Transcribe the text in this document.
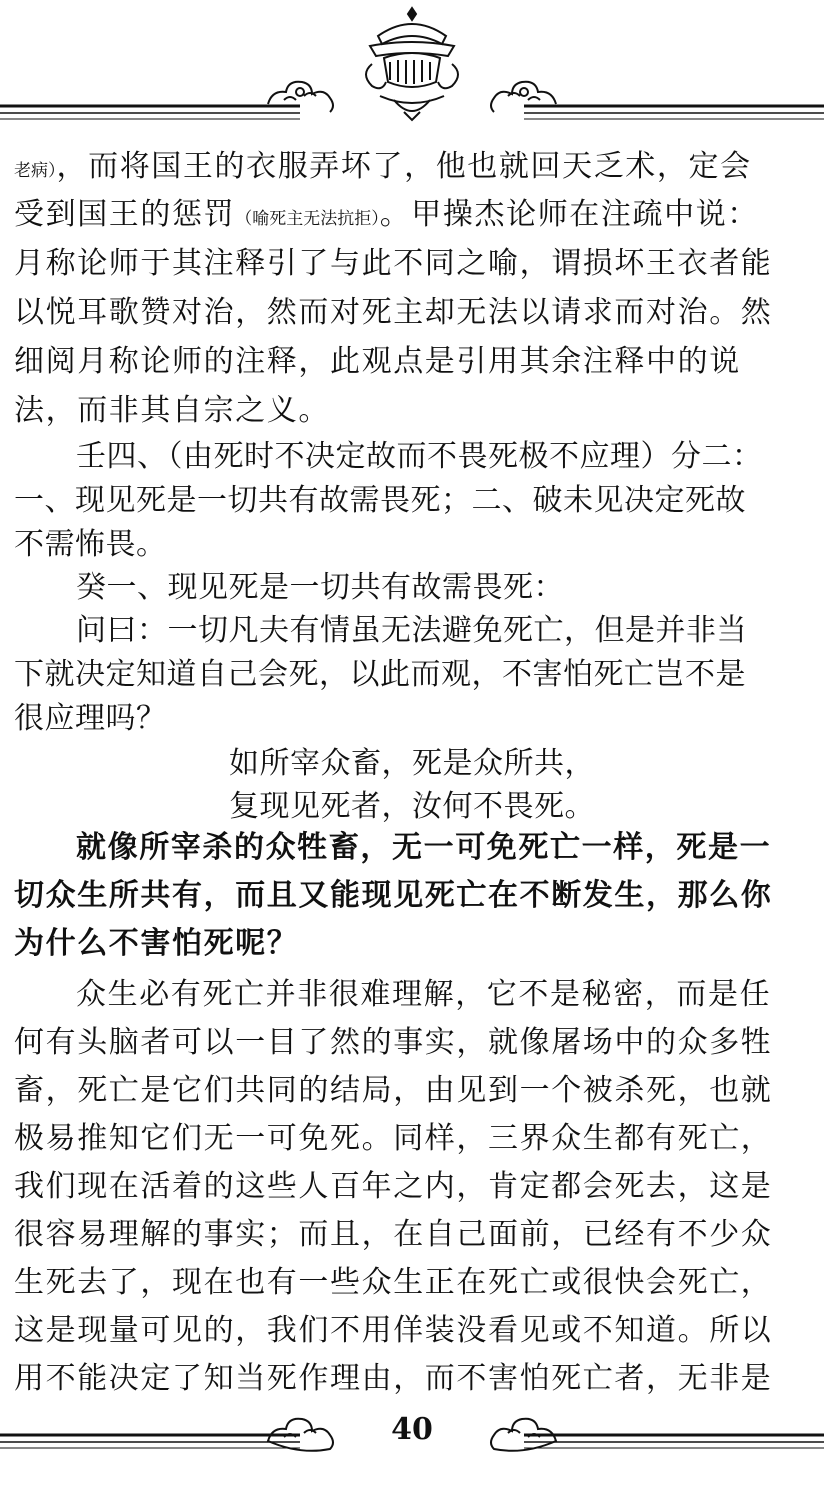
老病），而将国王的衣服弄坏了，他也就回天乏术，定会
受到国王的惩罚（喻死主无法抗拒）。甲操杰论师在注疏中说：
月称论师于其注释引了与此不同之喻，谓损坏王衣者能
以悦耳歌赞对治，然而对死主却无法以请求而对治。然
细阅月称论师的注释，此观点是引用其余注释中的说
法，而非其自宗之义。
壬四、（由死时不决定故而不畏死极不应理）分二：
一、现见死是一切共有故需畏死；二、破未见决定死故
不需怖畏。
癸一、现见死是一切共有故需畏死：
问曰：一切凡夫有情虽无法避免死亡，但是并非当
下就决定知道自己会死，以此而观，不害怕死亡岂不是
很应理吗？
如所宰众畜，死是众所共，
复现见死者，汝何不畏死。
就像所宰杀的众牲畜，无一可免死亡一样，死是一
切众生所共有，而且又能现见死亡在不断发生，那么你
为什么不害怕死呢？
众生必有死亡并非很难理解，它不是秘密，而是任
何有头脑者可以一目了然的事实，就像屠场中的众多牲
畜，死亡是它们共同的结局，由见到一个被杀死，也就
极易推知它们无一可免死。同样，三界众生都有死亡，
我们现在活着的这些人百年之内，肯定都会死去，这是
很容易理解的事实；而且，在自己面前，已经有不少众
生死去了，现在也有一些众生正在死亡或很快会死亡，
这是现量可见的，我们不用佯装没看见或不知道。所以
用不能决定了知当死作理由，而不害怕死亡者，无非是
40
